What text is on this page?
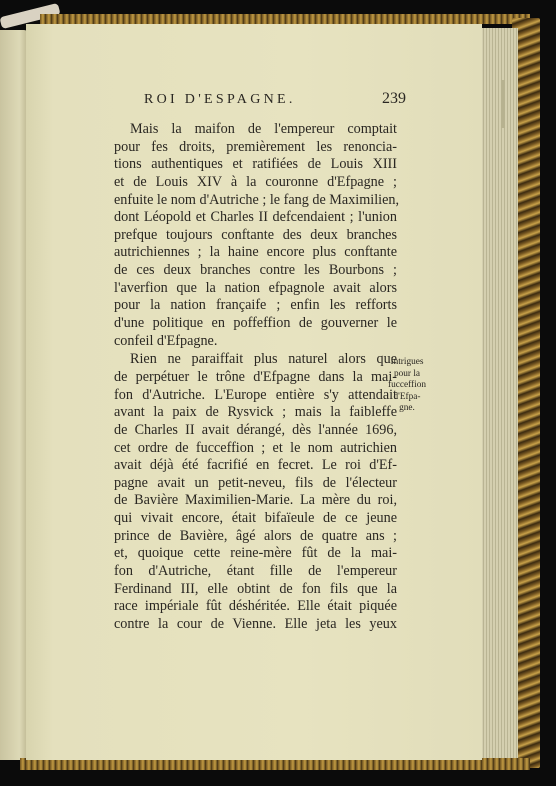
ROI D'ESPAGNE.	239
Mais la maifon de l'empereur comptait
pour fes droits, premièrement les renoncia-
tions authentiques et ratifiées de Louis XIII
et de Louis XIV à la couronne d'Efpagne ;
enfuite le nom d'Autriche ; le fang de Maximilien,
dont Léopold et Charles II defcendaient ; l'union
prefque toujours conftante des deux branches
autrichiennes ; la haine encore plus conftante
de ces deux branches contre les Bourbons ;
l'averfion que la nation efpagnole avait alors
pour la nation françaife ; enfin les refforts
d'une politique en poffeffion de gouverner le
confeil d'Efpagne.
Rien ne paraiffait plus naturel alors que
de perpétuer le trône d'Efpagne dans la mai-
fon d'Autriche. L'Europe entière s'y attendait
avant la paix de Rysvick ; mais la faibleffe
de Charles II avait dérangé, dès l'année 1696,
cet ordre de fucceffion ; et le nom autrichien
avait déjà été facrifié en fecret. Le roi d'Ef-
pagne avait un petit-neveu, fils de l'électeur
de Bavière Maximilien-Marie. La mère du roi,
qui vivait encore, était bifaïeule de ce jeune
prince de Bavière, âgé alors de quatre ans ;
et, quoique cette reine-mère fût de la mai-
fon d'Autriche, étant fille de l'empereur
Ferdinand III, elle obtint de fon fils que la
race impériale fût déshéritée. Elle était piquée
contre la cour de Vienne. Elle jeta les yeux
Intrigues
pour la
fucceffion
d'Efpa-
gne.
